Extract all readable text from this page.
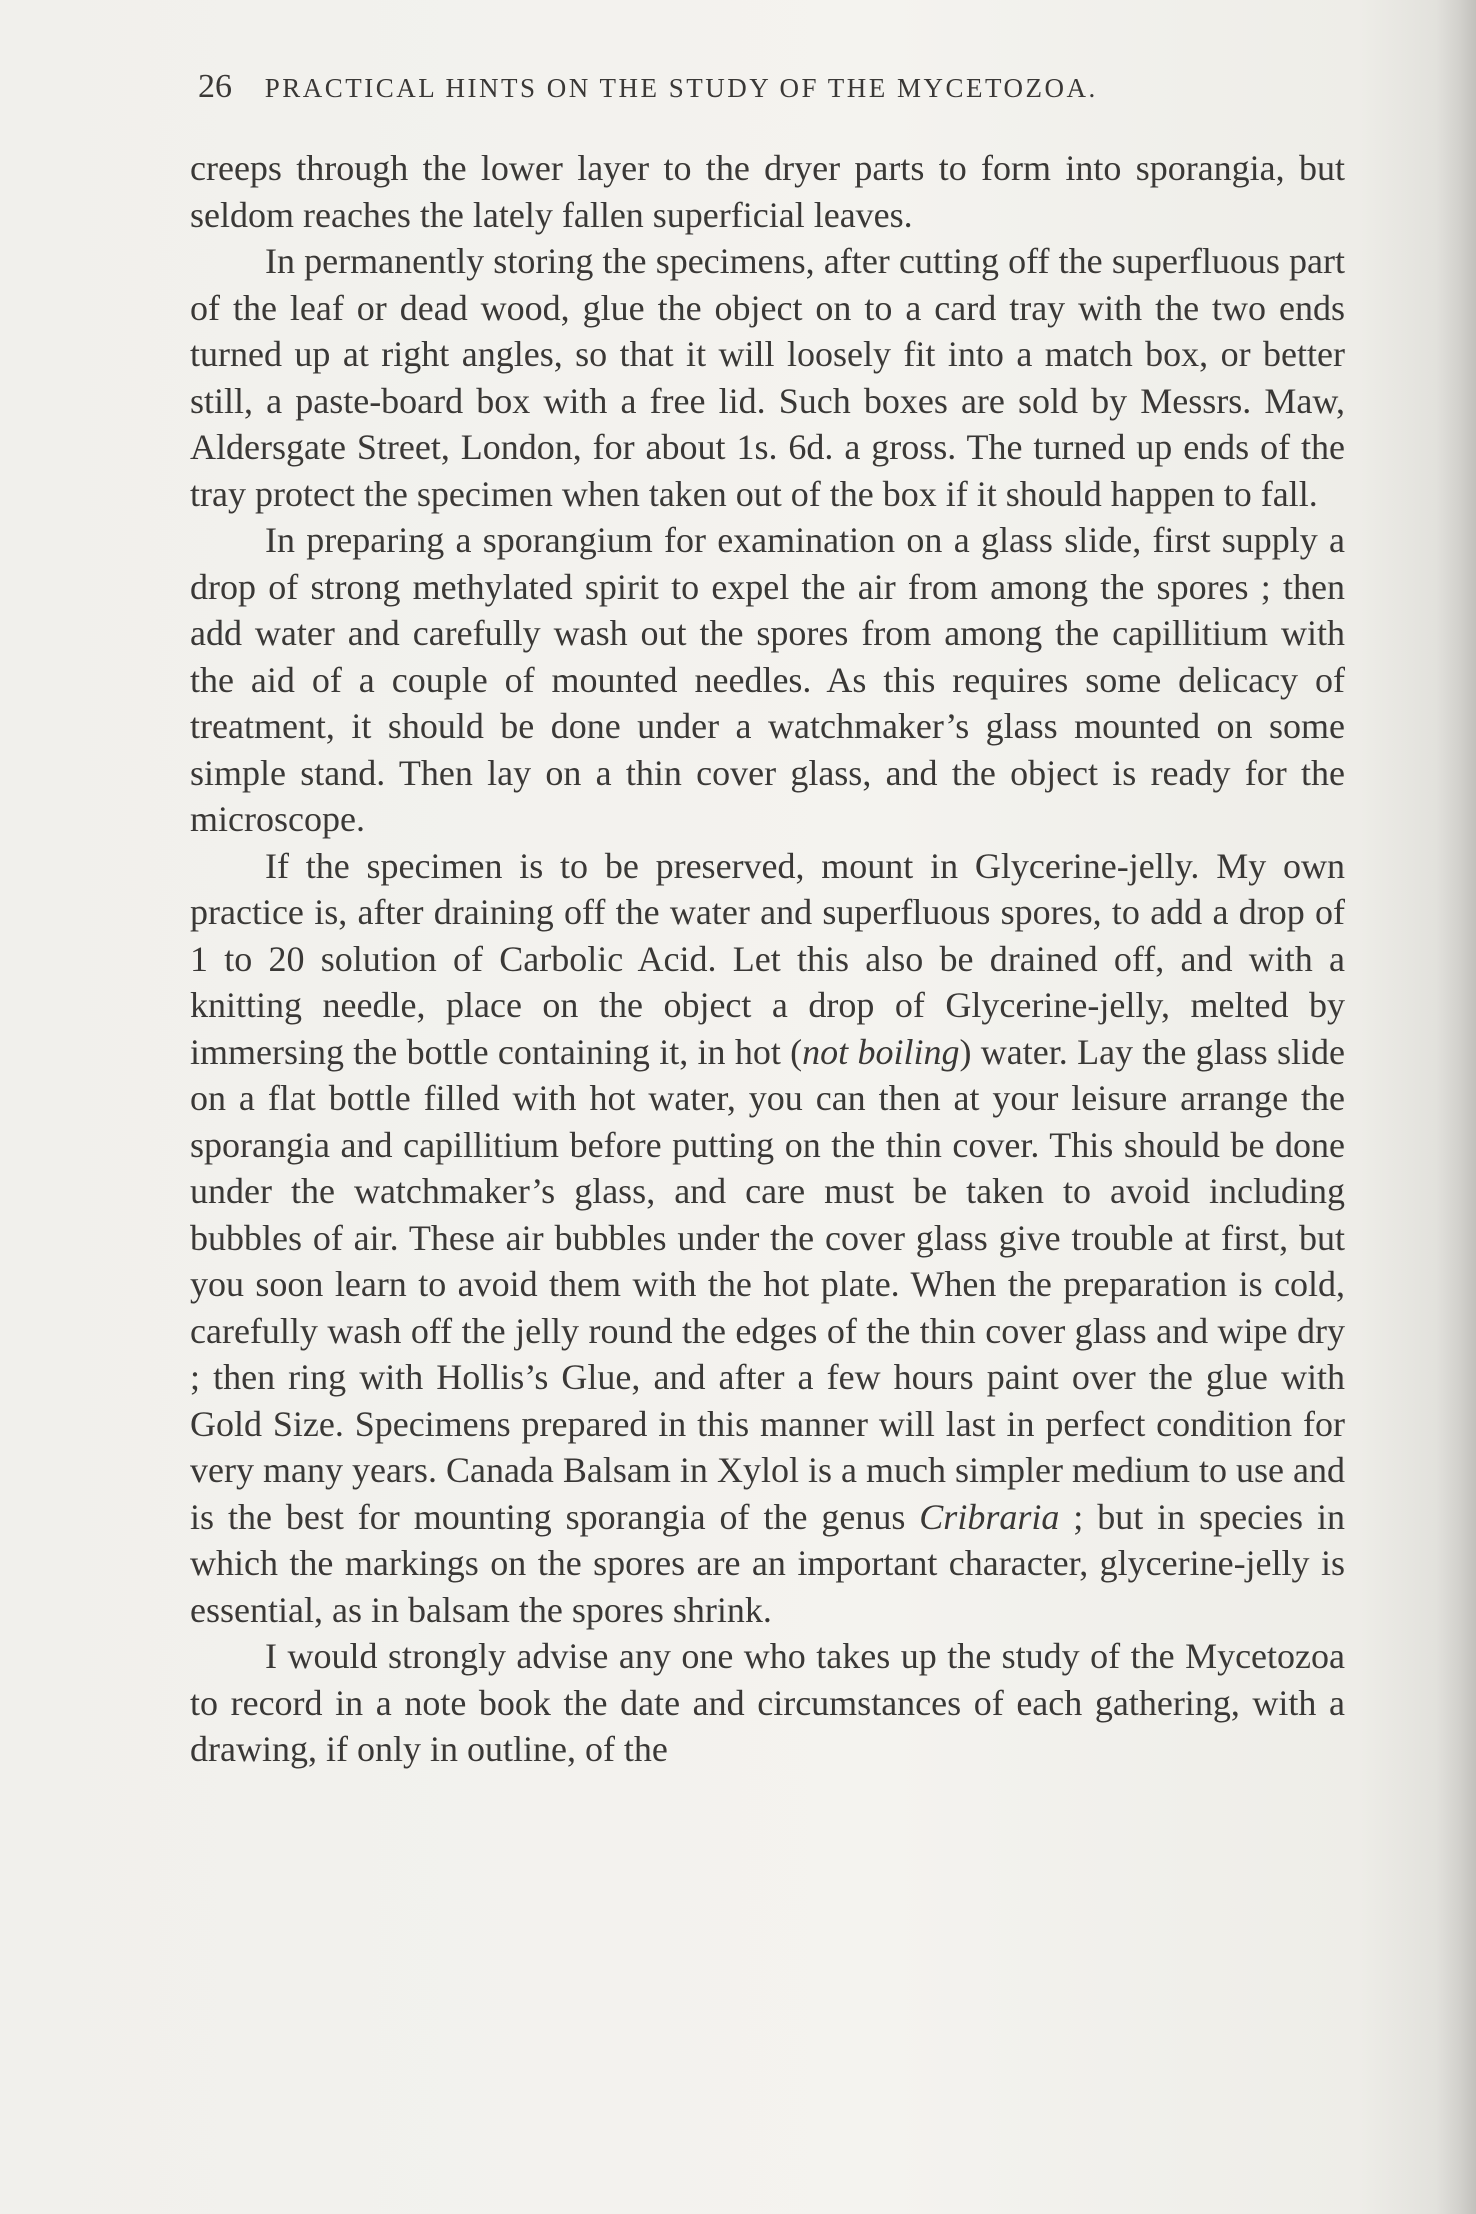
26 PRACTICAL HINTS ON THE STUDY OF THE MYCETOZOA.

creeps through the lower layer to the dryer parts to form into sporangia, but seldom reaches the lately fallen superficial leaves.

In permanently storing the specimens, after cutting off the superfluous part of the leaf or dead wood, glue the object on to a card tray with the two ends turned up at right angles, so that it will loosely fit into a match box, or better still, a paste-board box with a free lid. Such boxes are sold by Messrs. Maw, Aldersgate Street, London, for about 1s. 6d. a gross. The turned up ends of the tray protect the specimen when taken out of the box if it should happen to fall.

In preparing a sporangium for examination on a glass slide, first supply a drop of strong methylated spirit to expel the air from among the spores ; then add water and carefully wash out the spores from among the capillitium with the aid of a couple of mounted needles. As this requires some delicacy of treatment, it should be done under a watchmaker’s glass mounted on some simple stand. Then lay on a thin cover glass, and the object is ready for the microscope.

If the specimen is to be preserved, mount in Glycerine-jelly. My own practice is, after draining off the water and superfluous spores, to add a drop of 1 to 20 solution of Carbolic Acid. Let this also be drained off, and with a knitting needle, place on the object a drop of Glycerine-jelly, melted by immersing the bottle containing it, in hot (not boiling) water. Lay the glass slide on a flat bottle filled with hot water, you can then at your leisure arrange the sporangia and capillitium before putting on the thin cover. This should be done under the watchmaker’s glass, and care must be taken to avoid including bubbles of air. These air bubbles under the cover glass give trouble at first, but you soon learn to avoid them with the hot plate. When the preparation is cold, carefully wash off the jelly round the edges of the thin cover glass and wipe dry ; then ring with Hollis’s Glue, and after a few hours paint over the glue with Gold Size. Specimens prepared in this manner will last in perfect condition for very many years. Canada Balsam in Xylol is a much simpler medium to use and is the best for mounting sporangia of the genus Cribraria ; but in species in which the markings on the spores are an important character, glycerine-jelly is essential, as in balsam the spores shrink.

I would strongly advise any one who takes up the study of the Mycetozoa to record in a note book the date and circumstances of each gathering, with a drawing, if only in outline, of the
